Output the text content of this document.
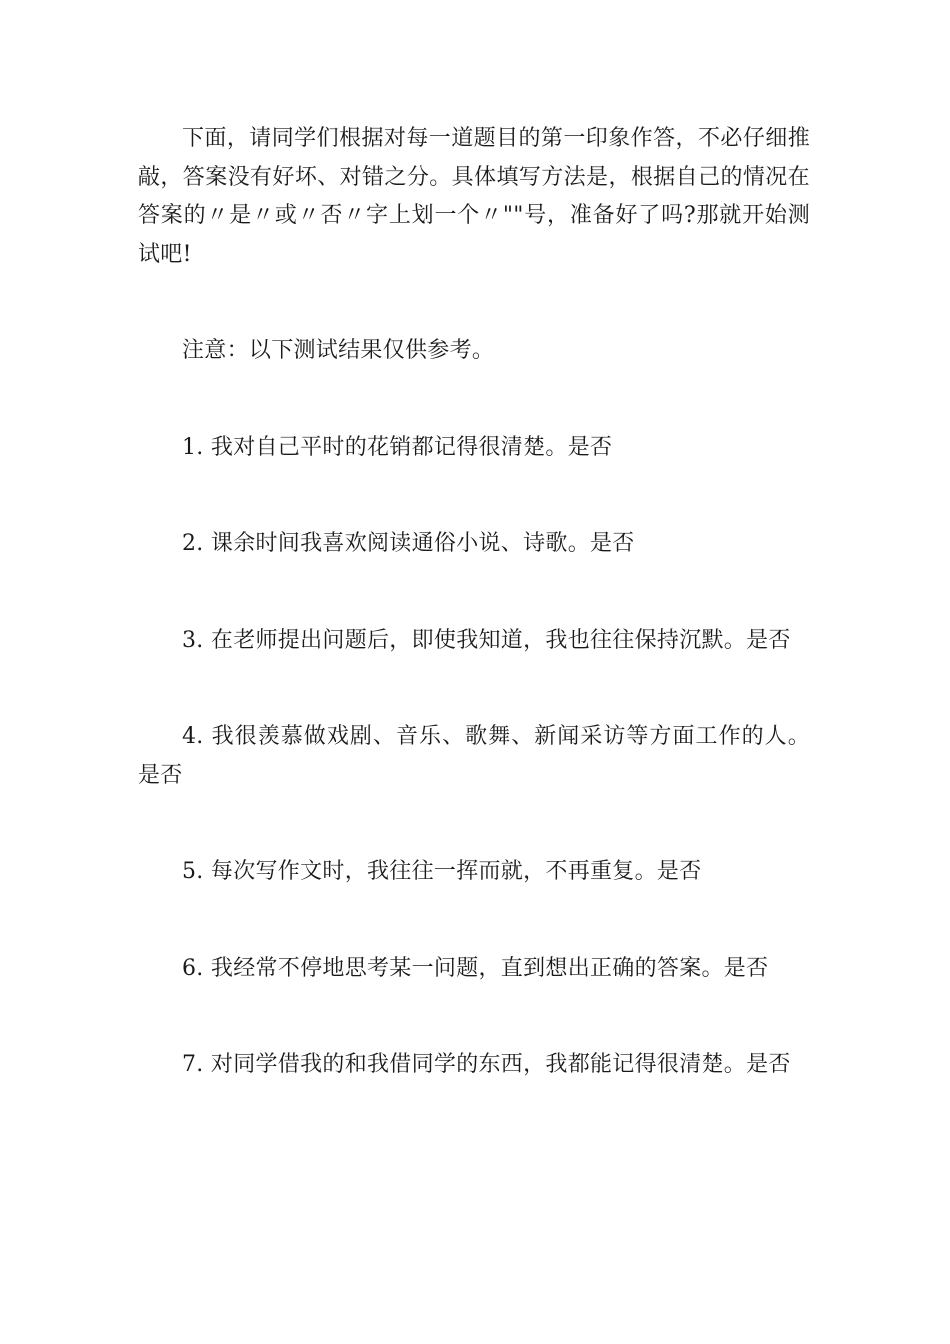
下面，请同学们根据对每一道题目的第一印象作答，不必仔细推敲，答案没有好坏、对错之分。具体填写方法是，根据自己的情况在答案的〃是〃或〃否〃字上划一个〃""号，准备好了吗?那就开始测试吧!

注意：以下测试结果仅供参考。

1. 我对自己平时的花销都记得很清楚。是否

2. 课余时间我喜欢阅读通俗小说、诗歌。是否

3. 在老师提出问题后，即使我知道，我也往往保持沉默。是否

4. 我很羡慕做戏剧、音乐、歌舞、新闻采访等方面工作的人。是否

5. 每次写作文时，我往往一挥而就，不再重复。是否

6. 我经常不停地思考某一问题，直到想出正确的答案。是否

7. 对同学借我的和我借同学的东西，我都能记得很清楚。是否
